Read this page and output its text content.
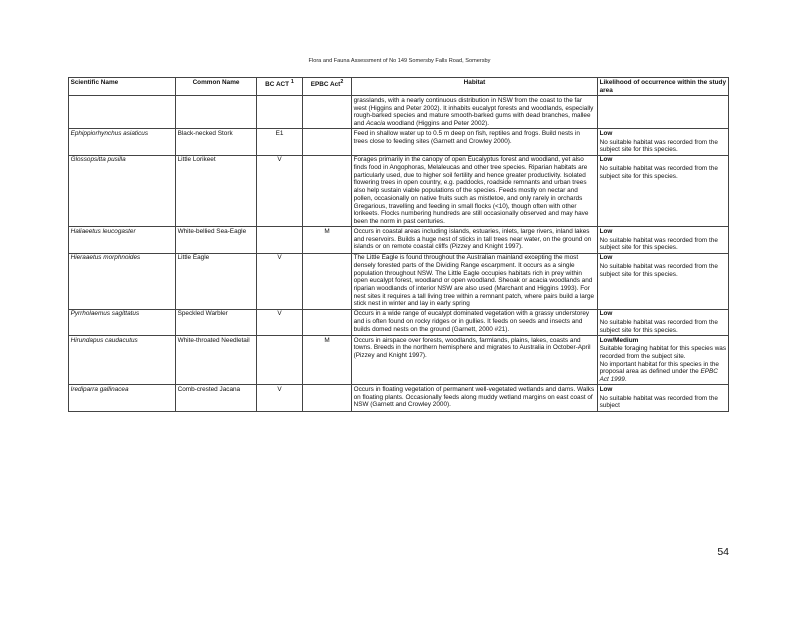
Flora and Fauna Assessment of No 149 Somersby Falls Road, Somersby
Scientific Name	Common Name	BC ACT $^1$	EPBC Act$^2$	Habitat	Likelihood of occurrence within the study area
				grasslands, with a nearly continuous distribution in NSW from the coast to the far west (Higgins and Peter 2002). It inhabits eucalypt forests and woodlands, especially rough-barked species and mature smooth-barked gums with dead branches, mallee and Acacia woodland (Higgins and Peter 2002).	
Ephippiorhynchus asiaticus	Black-necked Stork	E1		Feed in shallow water up to 0.5 m deep on fish, reptiles and frogs. Build nests in trees close to feeding sites (Garnett and Crowley 2000).	Low
No suitable habitat was recorded from the subject site for this species.

Glossopsitta pusilla	Little Lorikeet	V		Forages primarily in the canopy of open Eucalyptus forest and woodland, yet also finds food in Angophoras, Melaleucas and other tree species. Riparian habitats are particularly used, due to higher soil fertility and hence greater productivity. Isolated flowering trees in open country, e.g. paddocks, roadside remnants and urban trees also help sustain viable populations of the species. Feeds mostly on nectar and pollen, occasionally on native fruits such as mistletoe, and only rarely in orchards Gregarious, travelling and feeding in small flocks (<10), though often with other lorikeets. Flocks numbering hundreds are still occasionally observed and may have been the norm in past centuries.	Low
No suitable habitat was recorded from the subject site for this species.

Haliaeetus leucogaster	White-bellied Sea-Eagle		M	Occurs in coastal areas including islands, estuaries, inlets, large rivers, inland lakes and reservoirs. Builds a huge nest of sticks in tall trees near water, on the ground on islands or on remote coastal cliffs (Pizzey and Knight 1997).	Low
No suitable habitat was recorded from the subject site for this species.

Hieraaetus morphnoides	Little Eagle	V		The Little Eagle is found throughout the Australian mainland excepting the most densely forested parts of the Dividing Range escarpment. It occurs as a single population throughout NSW. The Little Eagle occupies habitats rich in prey within open eucalypt forest, woodland or open woodland. Sheoak or acacia woodlands and riparian woodlands of interior NSW are also used (Marchant and Higgins 1993). For nest sites it requires a tall living tree within a remnant patch, where pairs build a large stick nest in winter and lay in early spring	Low
No suitable habitat was recorded from the subject site for this species.

Pyrrholaemus sagittatus	Speckled Warbler	V		Occurs in a wide range of eucalypt dominated vegetation with a grassy understorey and is often found on rocky ridges or in gullies. It feeds on seeds and insects and builds domed nests on the ground (Garnett, 2000 #21).	Low
No suitable habitat was recorded from the subject site for this species.

Hirundapus caudacutus	White-throated Needletail		M	Occurs in airspace over forests, woodlands, farmlands, plains, lakes, coasts and towns. Breeds in the northern hemisphere and migrates to Australia in October-April (Pizzey and Knight 1997).	Low/Medium
Suitable foraging habitat for this species was recorded from the subject site.
No important habitat for this species in the proposal area as defined under the EPBC Act 1999.

Irediparra gallinacea	Comb-crested Jacana	V		Occurs in floating vegetation of permanent well-vegetated wetlands and dams. Walks on floating plants. Occasionally feeds along muddy wetland margins on east coast of NSW (Garnett and Crowley 2000).	Low
No suitable habitat was recorded from the subject
54
